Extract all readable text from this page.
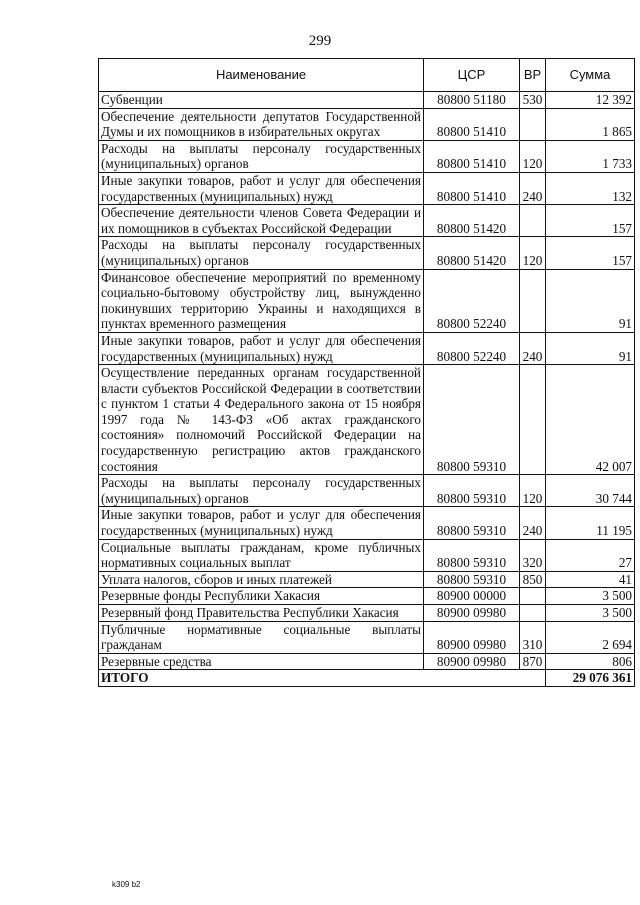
299
Наименование	ЦСР	ВР	Сумма
Субвенции	80800 51180	530	12 392
Обеспечение деятельности депутатов Государственной Думы и их помощников в избирательных округах	80800 51410		1 865
Расходы на выплаты персоналу государственных (муниципальных) органов	80800 51410	120	1 733
Иные закупки товаров, работ и услуг для обеспечения государственных (муниципальных) нужд	80800 51410	240	132
Обеспечение деятельности членов Совета Федерации и их помощников в субъектах Российской Федерации	80800 51420		157
Расходы на выплаты персоналу государственных (муниципальных) органов	80800 51420	120	157
Финансовое обеспечение мероприятий по временному социально-бытовому обустройству лиц, вынужденно покинувших территорию Украины и находящихся в пунктах временного размещения	80800 52240		91
Иные закупки товаров, работ и услуг для обеспечения государственных (муниципальных) нужд	80800 52240	240	91
Осуществление переданных органам государственной власти субъектов Российской Федерации в соответствии с пунктом 1 статьи 4 Федерального закона от 15 ноября 1997 года № 143-ФЗ «Об актах гражданского состояния» полномочий Российской Федерации на государственную регистрацию актов гражданского состояния	80800 59310		42 007
Расходы на выплаты персоналу государственных (муниципальных) органов	80800 59310	120	30 744
Иные закупки товаров, работ и услуг для обеспечения государственных (муниципальных) нужд	80800 59310	240	11 195
Социальные выплаты гражданам, кроме публичных нормативных социальных выплат	80800 59310	320	27
Уплата налогов, сборов и иных платежей	80800 59310	850	41
Резервные фонды Республики Хакасия	80900 00000		3 500
Резервный фонд Правительства Республики Хакасия	80900 09980		3 500
Публичные нормативные социальные выплаты гражданам	80900 09980	310	2 694
Резервные средства	80900 09980	870	806
ИТОГО			29 076 361
k309 b2
